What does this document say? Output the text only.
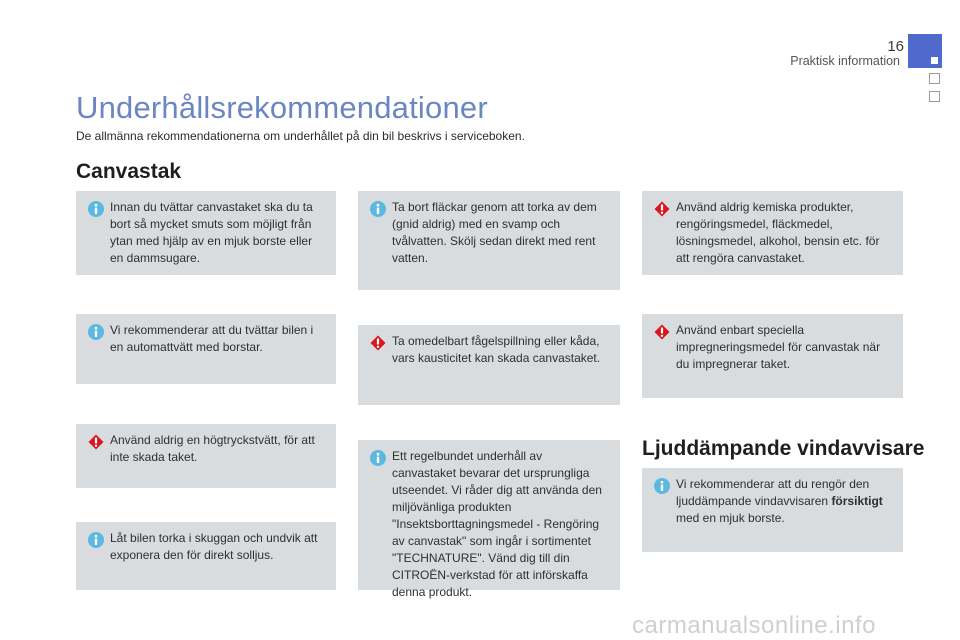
16
Praktisk information
Underhållsrekommendationer
De allmänna rekommendationerna om underhållet på din bil beskrivs i serviceboken.
Canvastak
Innan du tvättar canvastaket ska du ta bort så mycket smuts som möjligt från ytan med hjälp av en mjuk borste eller en dammsugare.
Vi rekommenderar att du tvättar bilen i en automattvätt med borstar.
Använd aldrig en högtryckstvätt, för att inte skada taket.
Låt bilen torka i skuggan och undvik att exponera den för direkt solljus.
Ta bort fläckar genom att torka av dem (gnid aldrig) med en svamp och tvålvatten. Skölj sedan direkt med rent vatten.
Ta omedelbart fågelspillning eller kåda, vars kausticitet kan skada canvastaket.
Ett regelbundet underhåll av canvastaket bevarar det ursprungliga utseendet. Vi råder dig att använda den miljövänliga produkten "Insektsborttagningsmedel - Rengöring av canvastak" som ingår i sortimentet "TECHNATURE". Vänd dig till din CITROËN-verkstad för att införskaffa denna produkt.
Använd aldrig kemiska produkter, rengöringsmedel, fläckmedel, lösningsmedel, alkohol, bensin etc. för att rengöra canvastaket.
Använd enbart speciella impregneringsmedel för canvastak när du impregnerar taket.
Ljuddämpande vindavvisare
Vi rekommenderar att du rengör den ljuddämpande vindavvisaren försiktigt med en mjuk borste.
carmanualsonline.info
